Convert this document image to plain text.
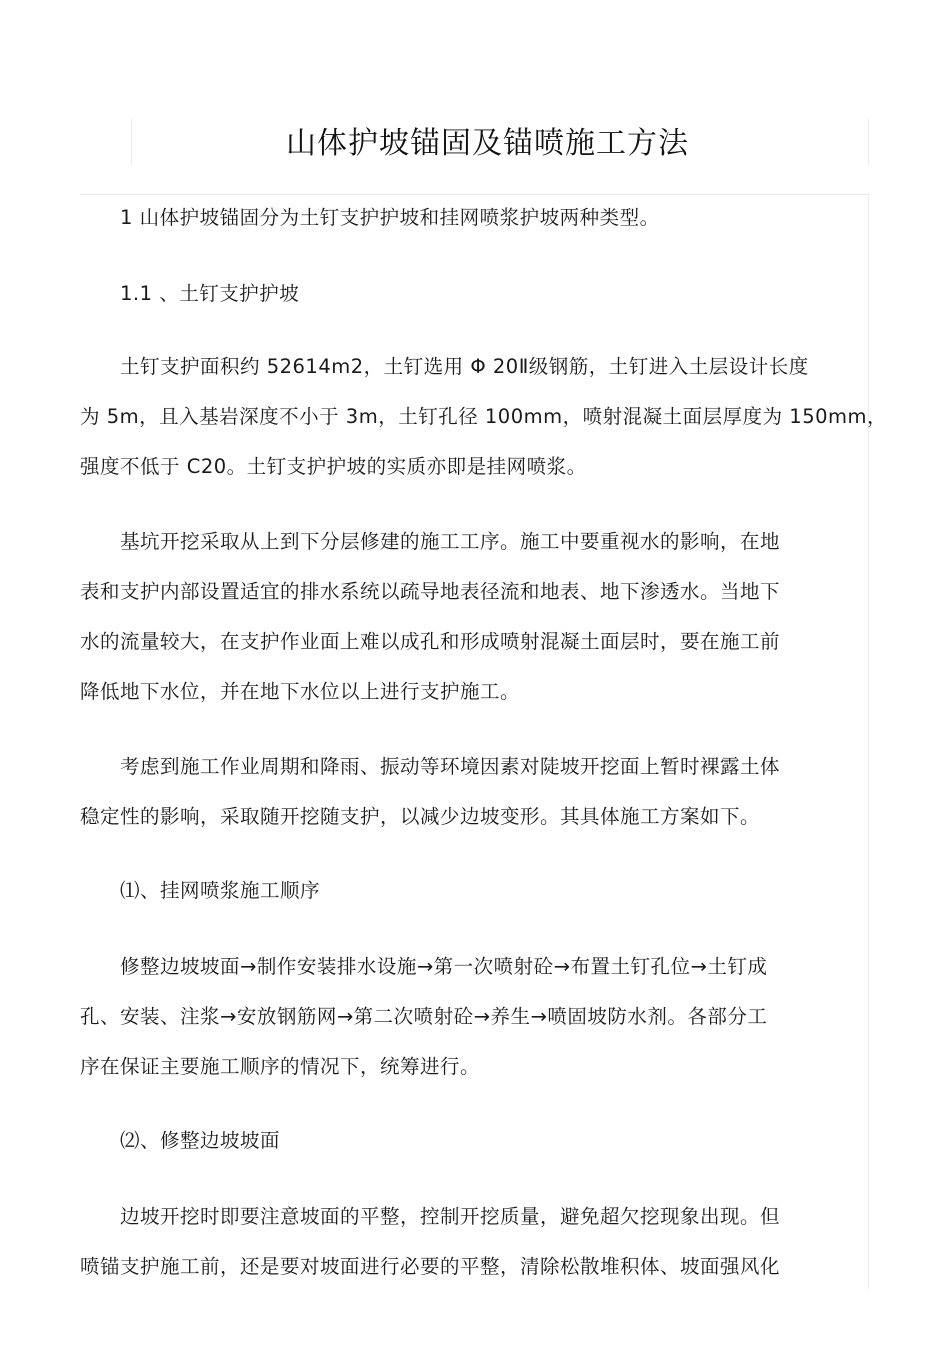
山体护坡锚固及锚喷施工方法

1 山体护坡锚固分为土钉支护护坡和挂网喷浆护坡两种类型。

1.1 、土钉支护护坡

土钉支护面积约 52614m2，土钉选用 Φ 20Ⅱ级钢筋，土钉进入土层设计长度

为 5m，且入基岩深度不小于 3m，土钉孔径 100mm，喷射混凝土面层厚度为 150mm，

强度不低于 C20。土钉支护护坡的实质亦即是挂网喷浆。

基坑开挖采取从上到下分层修建的施工工序。施工中要重视水的影响，在地

表和支护内部设置适宜的排水系统以疏导地表径流和地表、地下渗透水。当地下

水的流量较大，在支护作业面上难以成孔和形成喷射混凝土面层时，要在施工前

降低地下水位，并在地下水位以上进行支护施工。

考虑到施工作业周期和降雨、振动等环境因素对陡坡开挖面上暂时裸露土体

稳定性的影响，采取随开挖随支护，以减少边坡变形。其具体施工方案如下。

⑴、挂网喷浆施工顺序

修整边坡坡面→制作安装排水设施→第一次喷射砼→布置土钉孔位→土钉成

孔、安装、注浆→安放钢筋网→第二次喷射砼→养生→喷固坡防水剂。各部分工

序在保证主要施工顺序的情况下，统筹进行。

⑵、修整边坡坡面

边坡开挖时即要注意坡面的平整，控制开挖质量，避免超欠挖现象出现。但

喷锚支护施工前，还是要对坡面进行必要的平整，清除松散堆积体、坡面强风化
